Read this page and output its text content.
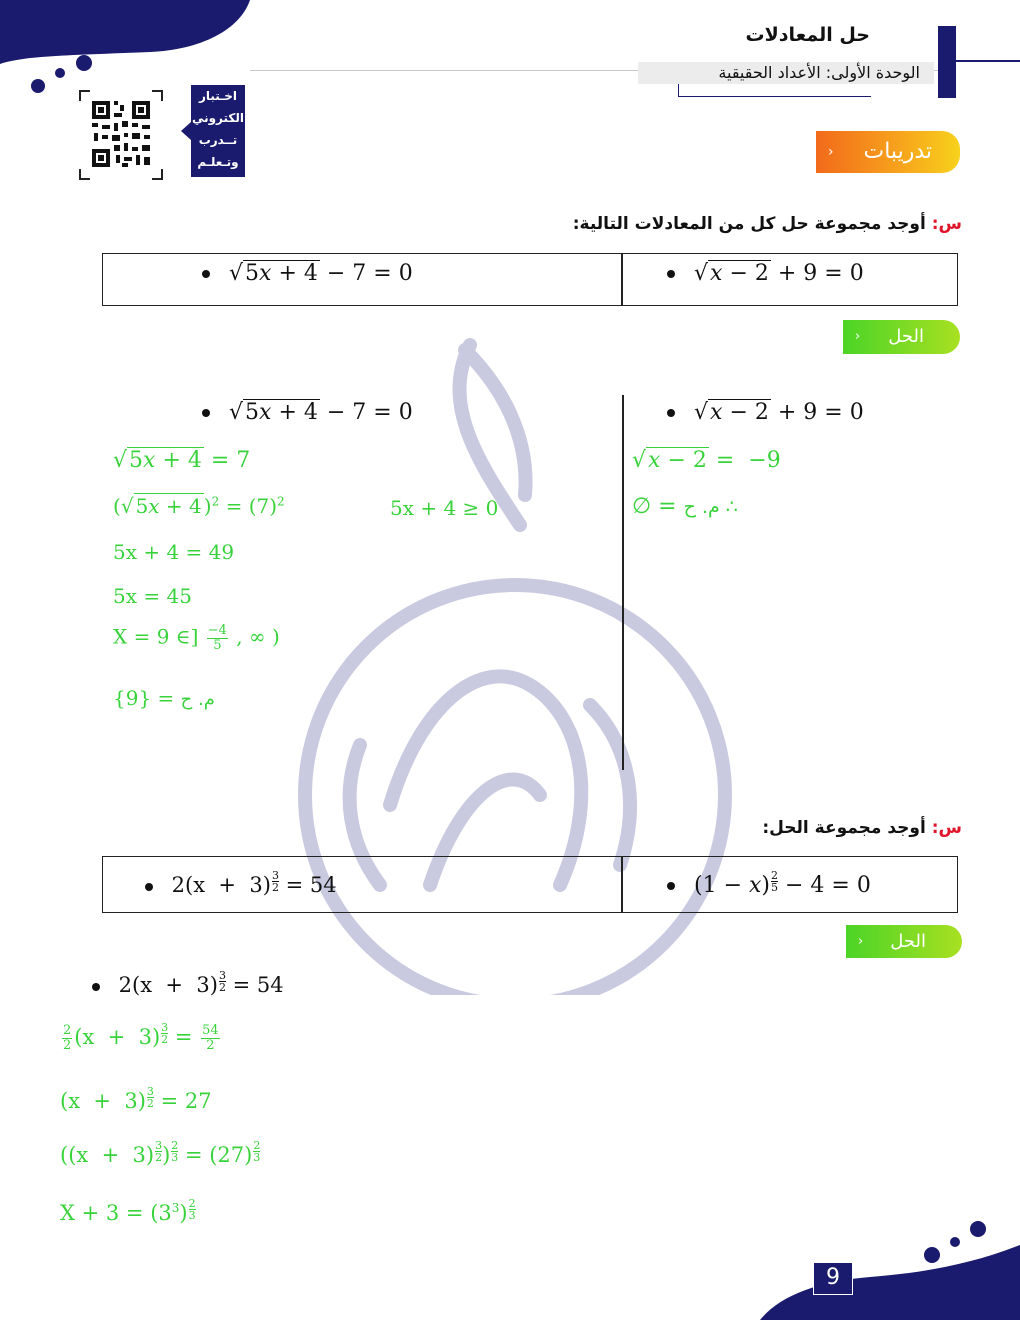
حل المعادلات
الوحدة الأولى: الأعداد الحقيقية
اخـتبار
الكتروني
تــدرب
وتـعلـم	تدريبات
‹
س: أوجد مجموعة حل كل من المعادلات التالية:
√x − 2 + 9 = 0
√5x + 4 − 7 = 0
الحل
‹
√x − 2 + 9 = 0
√x − 2 =  −9
∅ = م. ح ∴
√5x + 4 − 7 = 0
√5x + 4 = 7
(√ 5x + 4 )$^2 = (7)^2$	5x + 4 ≥ 0
5x + 4 = 49
5x = 45
X = 9 ∈] $\frac{-4}{5}$ , ∞ )
{9} = م. ح
س: أوجد مجموعة الحل:
$(1 - x) \frac{2}{5} - 4 = 0$
$2(x + 3) \frac{3}{2} = 54$
الحل
‹
$2(x + 3) \frac{3}{2} = 54$
$\frac{2}{2} (x + 3) \frac{3}{2} = \frac{54}{2}$
$(x + 3) \frac{3}{2} = 27$
($(x + 3) \frac{3}{2}$ ) $\frac{2}{3} = (27) \frac{2}{3}$
$X + 3 = (3^3) \frac{2}{3}$
9
